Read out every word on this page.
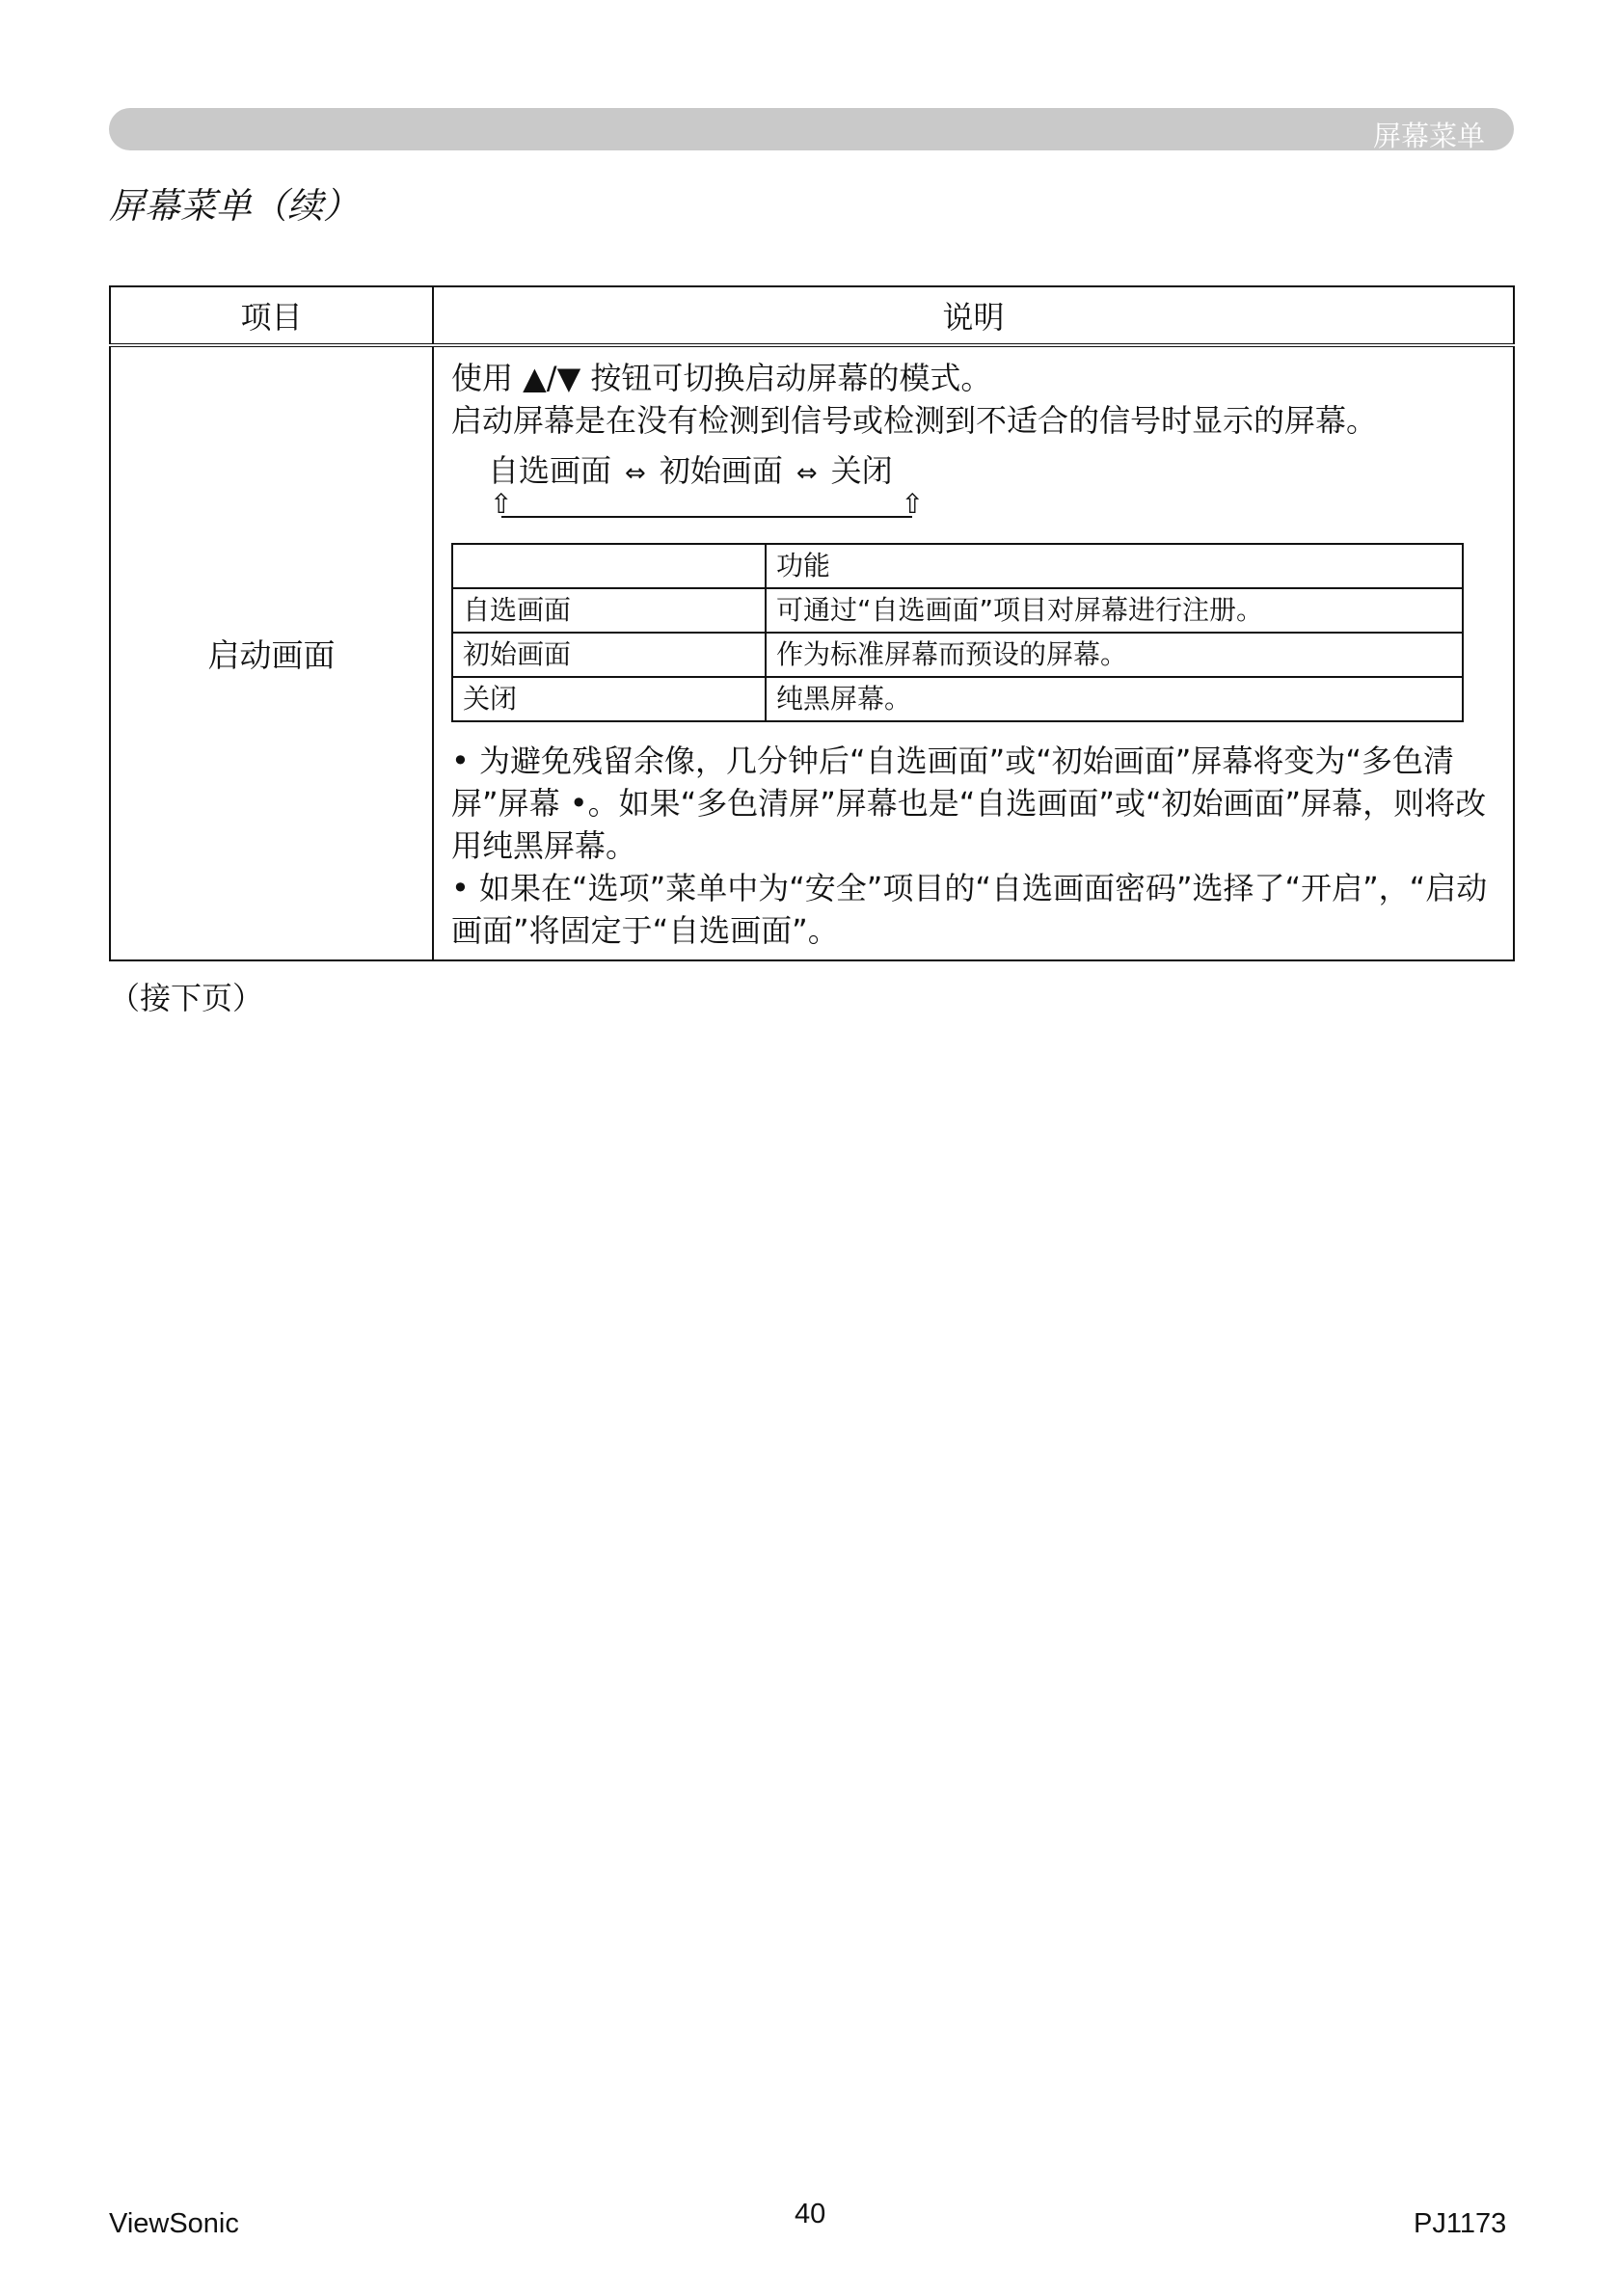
屏幕菜单
屏幕菜单（续）
项目	说明
启动画面	
使用 ▲/▼ 按钮可切换启动屏幕的模式。
启动屏幕是在没有检测到信号或检测到不适合的信号时显示的屏幕。
自选画面 ⇔ 初始画面 ⇔ 关闭
⇧	⇧
	功能
自选画面	可通过“自选画面”项目对屏幕进行注册。
初始画面	作为标准屏幕而预设的屏幕。
关闭	纯黑屏幕。

• 为避免残留余像，几分钟后“自选画面”或“初始画面”屏幕将变为“多色清屏”屏幕 •。如果“多色清屏”屏幕也是“自选画面”或“初始画面”屏幕，则将改用纯黑屏幕。

• 如果在“选项”菜单中为“安全”项目的“自选画面密码”选择了“开启”，“启动画面”将固定于“自选画面”。

（接下页）
ViewSonic	40	PJ1173
